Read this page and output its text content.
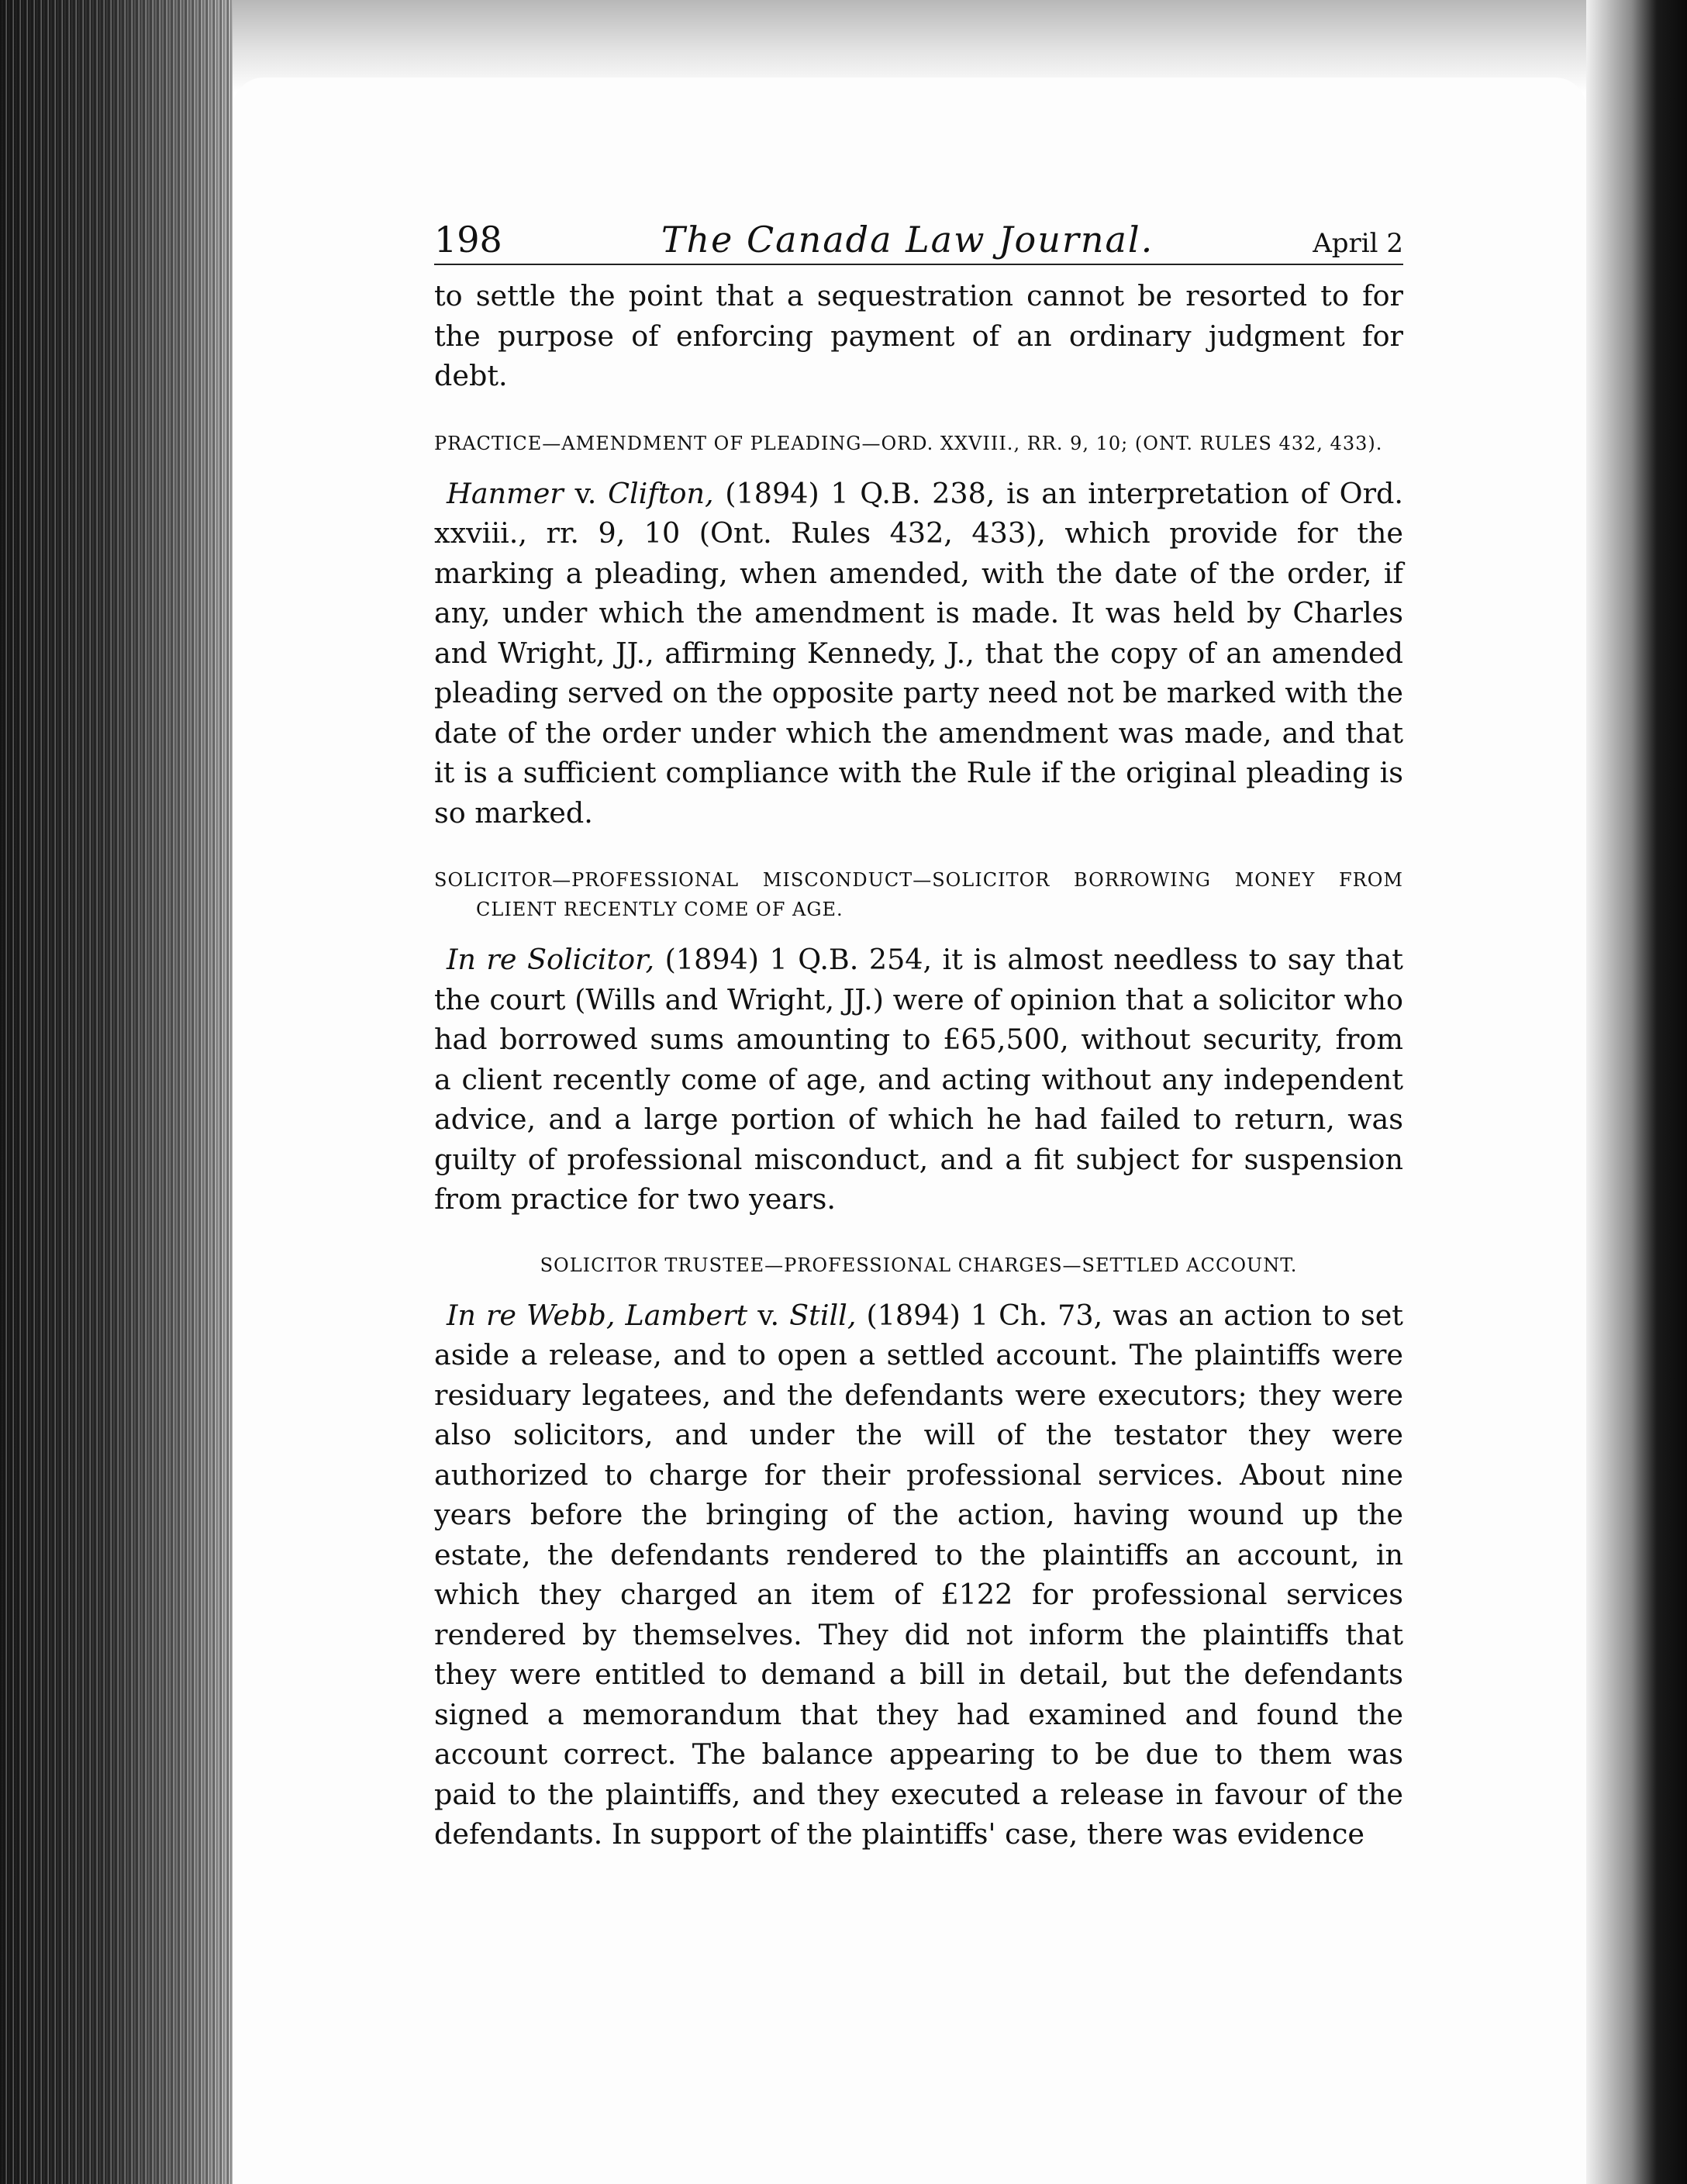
198	The Canada Law Journal.	April 2

to settle the point that a sequestration cannot be resorted to for the purpose of enforcing payment of an ordinary judgment for debt.

PRACTICE—AMENDMENT OF PLEADING—ORD. XXVIII., RR. 9, 10; (ONT. RULES 432, 433).

Hanmer v. Clifton, (1894) 1 Q.B. 238, is an interpretation of Ord. xxviii., rr. 9, 10 (Ont. Rules 432, 433), which provide for the marking a pleading, when amended, with the date of the order, if any, under which the amendment is made. It was held by Charles and Wright, JJ., affirming Kennedy, J., that the copy of an amended pleading served on the opposite party need not be marked with the date of the order under which the amendment was made, and that it is a sufficient compliance with the Rule if the original pleading is so marked.

SOLICITOR—PROFESSIONAL MISCONDUCT—SOLICITOR BORROWING MONEY FROM CLIENT RECENTLY COME OF AGE.

In re Solicitor, (1894) 1 Q.B. 254, it is almost needless to say that the court (Wills and Wright, JJ.) were of opinion that a solicitor who had borrowed sums amounting to £65,500, without security, from a client recently come of age, and acting without any independent advice, and a large portion of which he had failed to return, was guilty of professional misconduct, and a fit subject for suspension from practice for two years.

SOLICITOR TRUSTEE—PROFESSIONAL CHARGES—SETTLED ACCOUNT.

In re Webb, Lambert v. Still, (1894) 1 Ch. 73, was an action to set aside a release, and to open a settled account. The plaintiffs were residuary legatees, and the defendants were executors; they were also solicitors, and under the will of the testator they were authorized to charge for their professional services. About nine years before the bringing of the action, having wound up the estate, the defendants rendered to the plaintiffs an account, in which they charged an item of £122 for professional services rendered by themselves. They did not inform the plaintiffs that they were entitled to demand a bill in detail, but the defendants signed a memorandum that they had examined and found the account correct. The balance appearing to be due to them was paid to the plaintiffs, and they executed a release in favour of the defendants. In support of the plaintiffs' case, there was evidence
